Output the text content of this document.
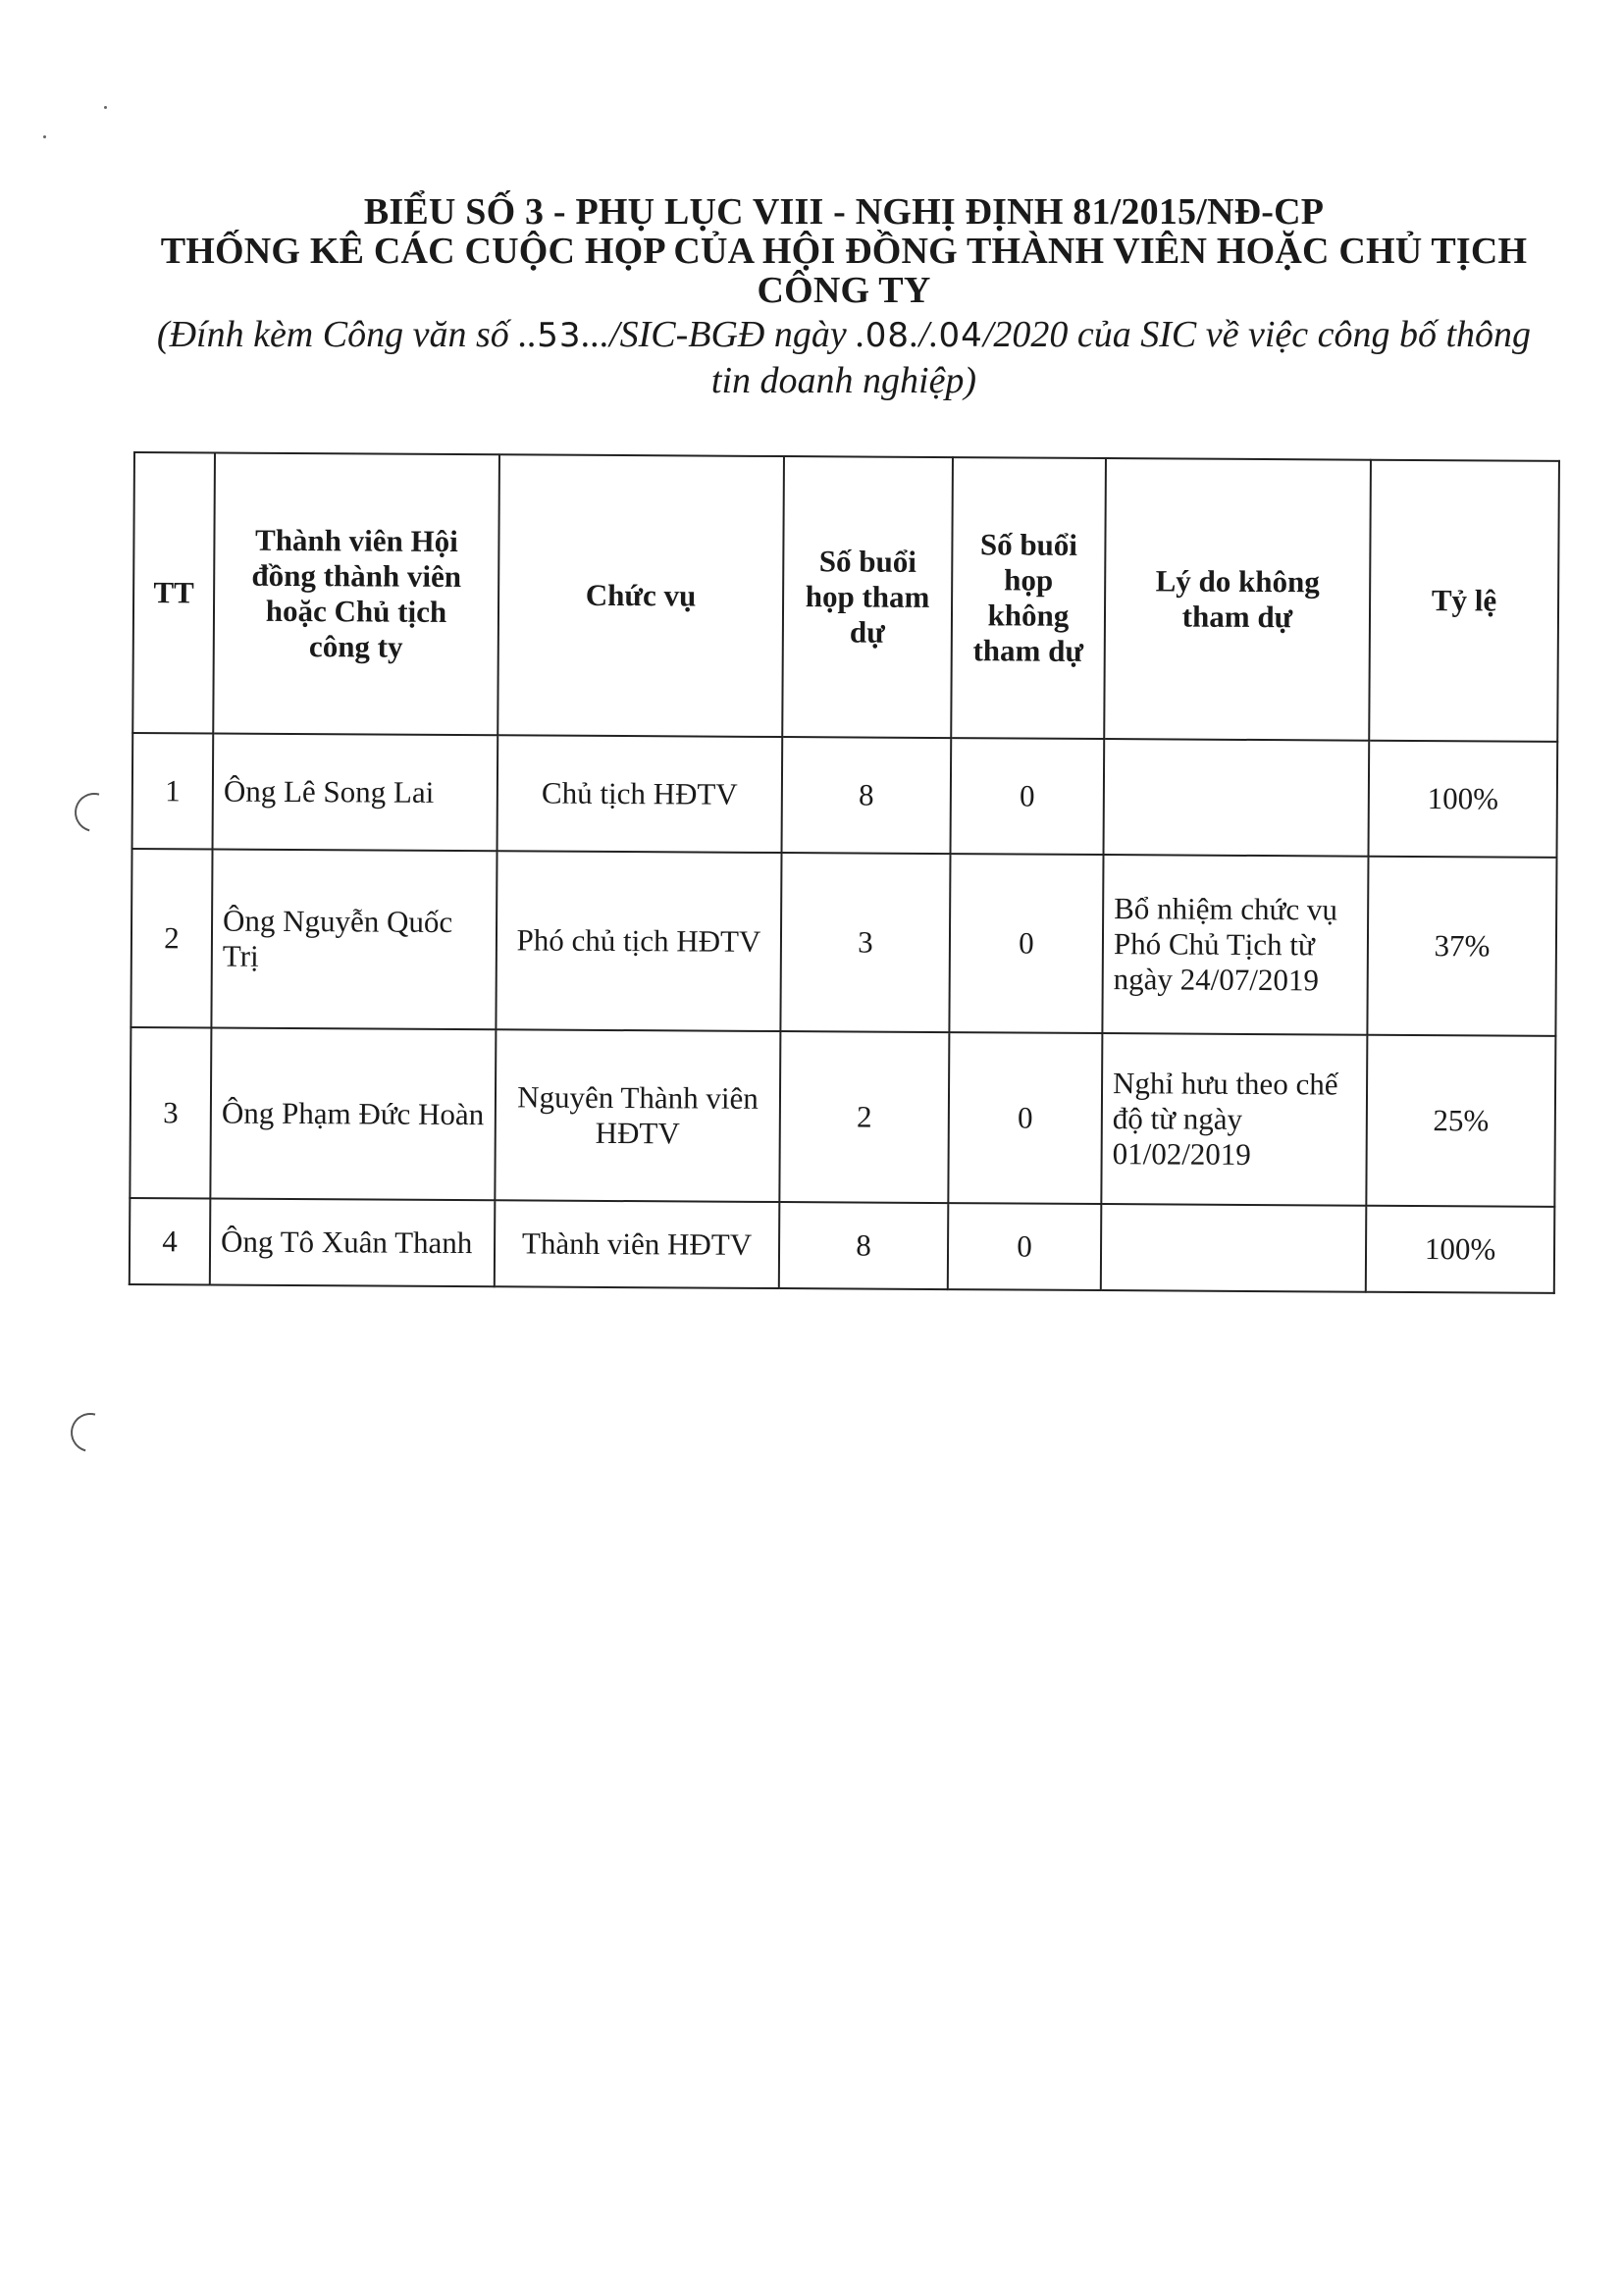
BIỂU SỐ 3 - PHỤ LỤC VIII - NGHỊ ĐỊNH 81/2015/NĐ-CP

THỐNG KÊ CÁC CUỘC HỌP CỦA HỘI ĐỒNG THÀNH VIÊN HOẶC CHỦ TỊCH

CÔNG TY

(Đính kèm Công văn số ..53.../SIC-BGĐ ngày .08./.04/2020 của SIC về việc công bố thông
tin doanh nghiệp)
TT	Thành viên Hội đồng thành viên hoặc Chủ tịch công ty	Chức vụ	Số buổi họp tham dự	Số buổi họp không tham dự	Lý do không tham dự	Tỷ lệ
1	Ông Lê Song Lai	Chủ tịch HĐTV	8	0		100%
2	Ông Nguyễn Quốc Trị	Phó chủ tịch HĐTV	3	0	Bổ nhiệm chức vụ Phó Chủ Tịch từ ngày 24/07/2019	37%
3	Ông Phạm Đức Hoàn	Nguyên Thành viên HĐTV	2	0	Nghỉ hưu theo chế độ từ ngày 01/02/2019	25%
4	Ông Tô Xuân Thanh	Thành viên HĐTV	8	0		100%
